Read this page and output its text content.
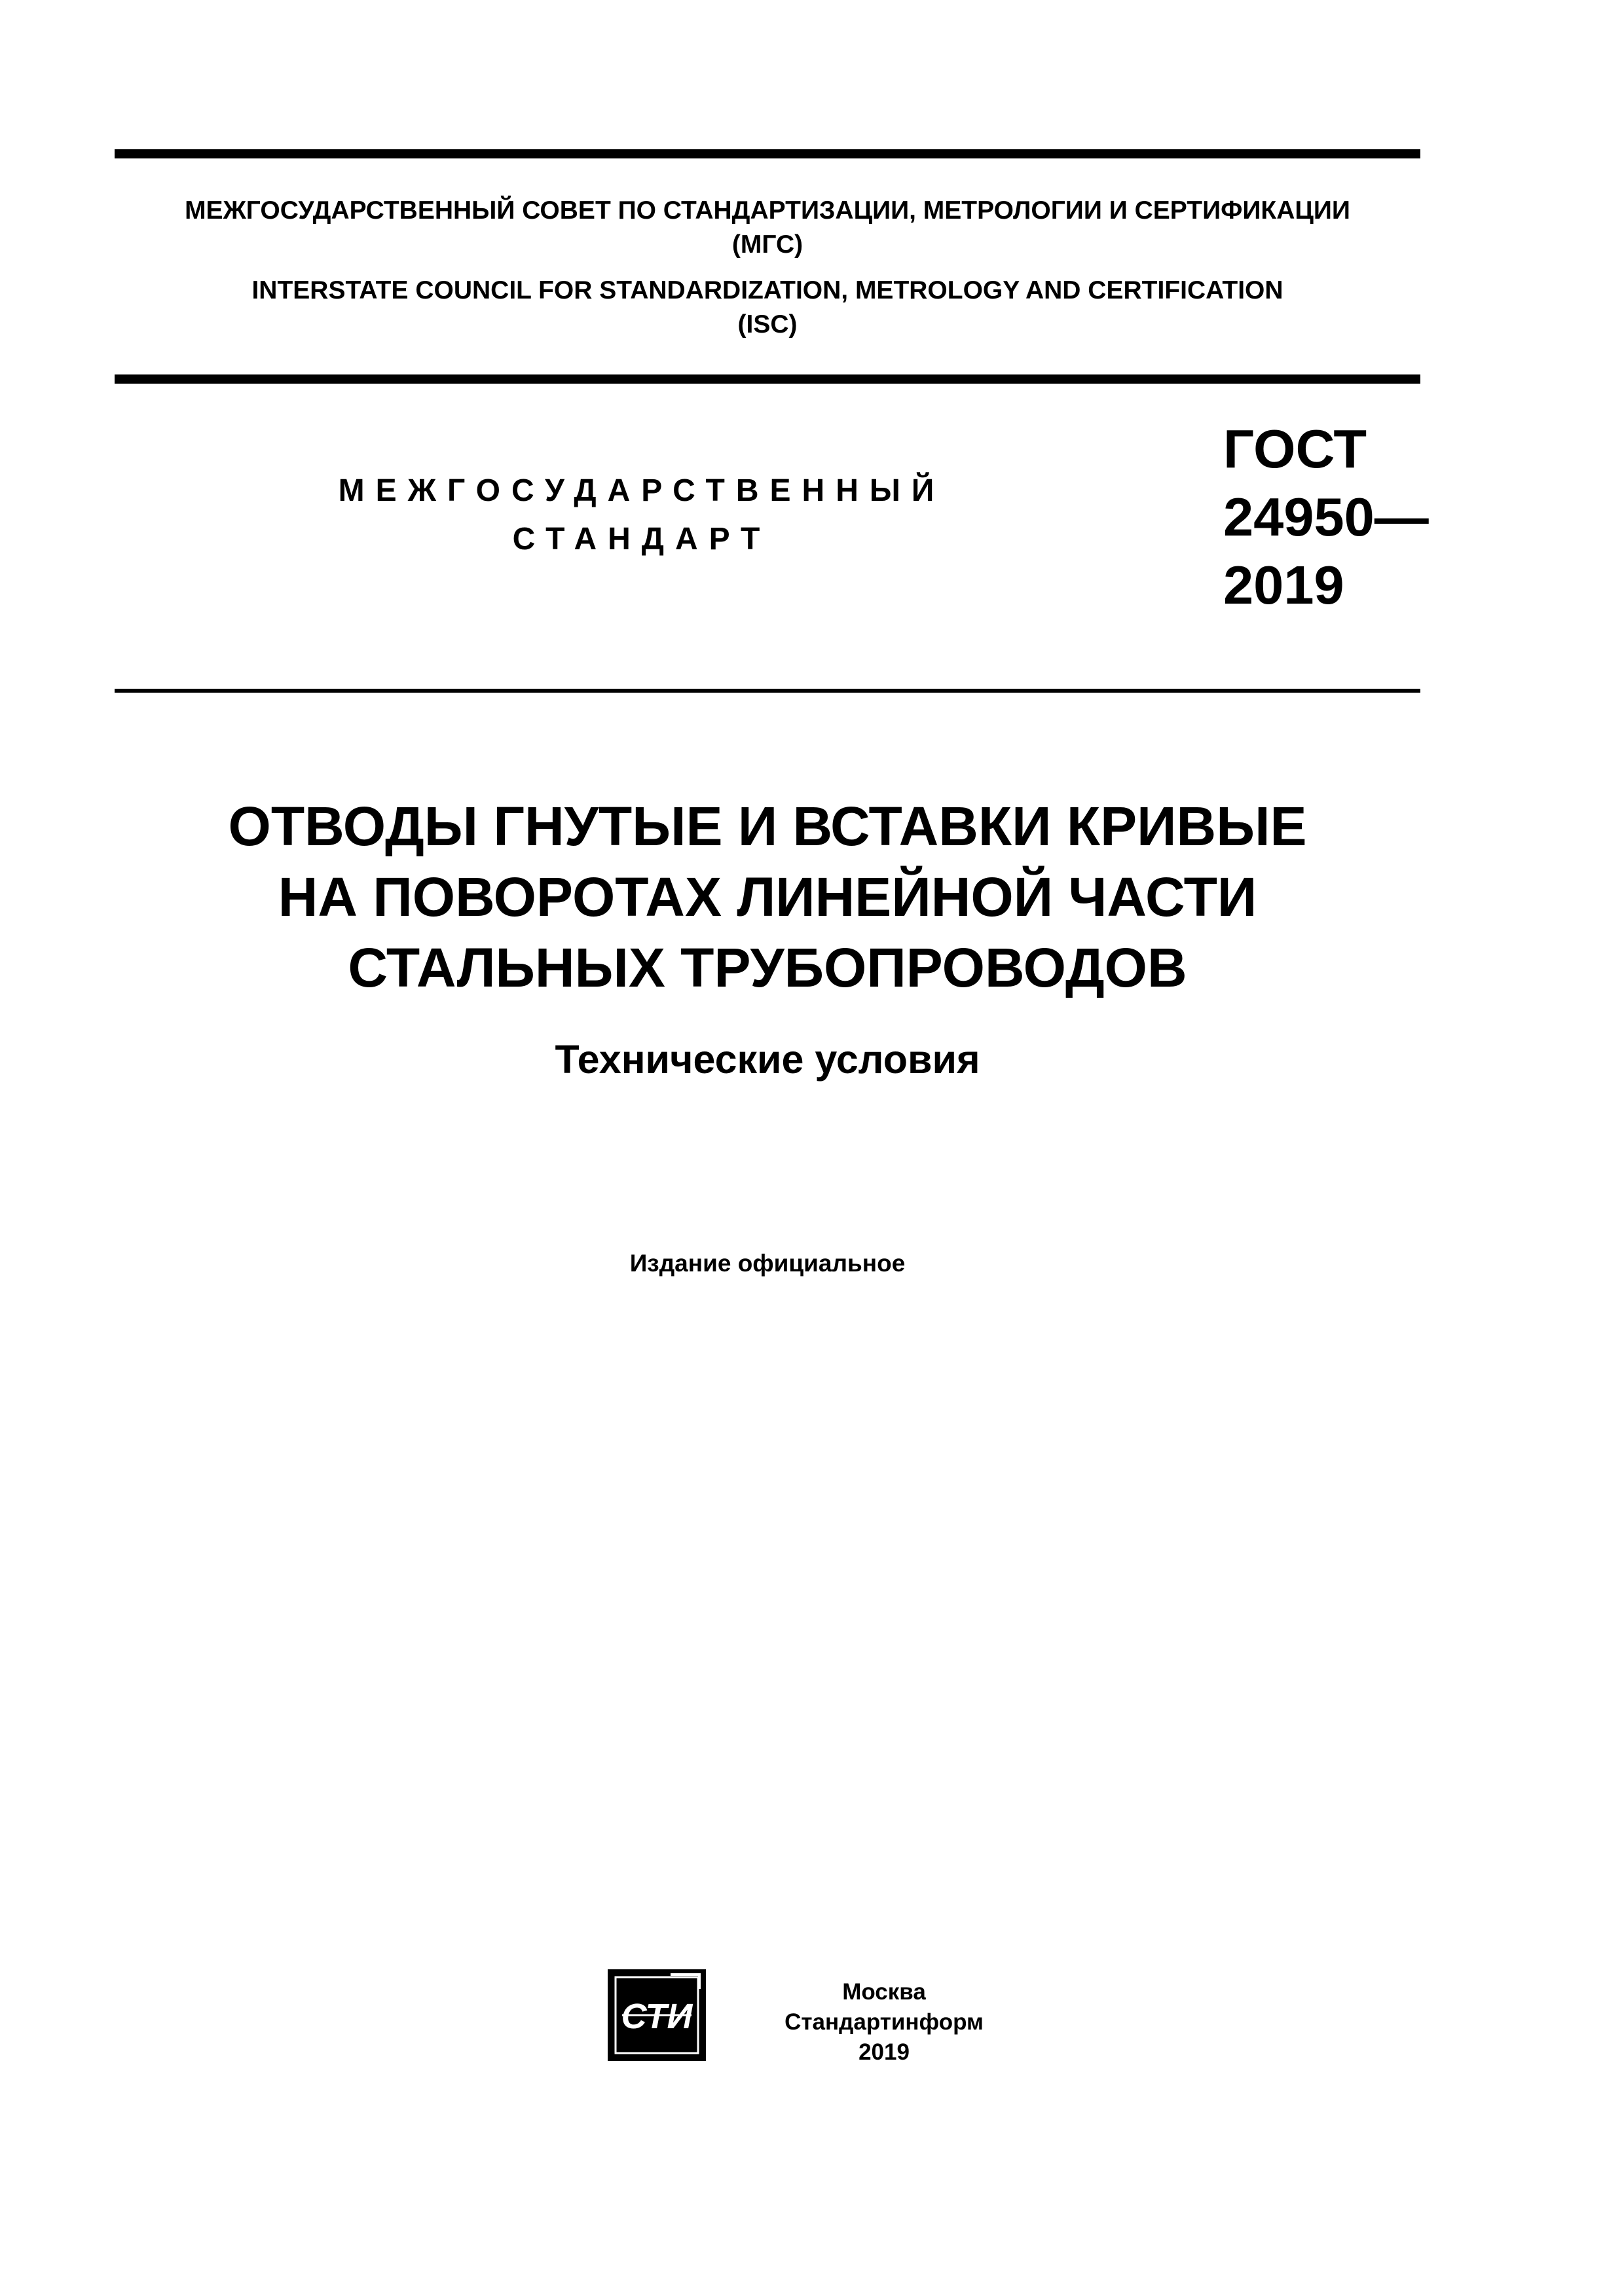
МЕЖГОСУДАРСТВЕННЫЙ СОВЕТ ПО СТАНДАРТИЗАЦИИ, МЕТРОЛОГИИ И СЕРТИФИКАЦИИ
(МГС)
INTERSTATE COUNCIL FOR STANDARDIZATION, METROLOGY AND CERTIFICATION
(ISC)
МЕЖГОСУДАРСТВЕННЫЙ
СТАНДАРТ
ГОСТ
24950—
2019
ОТВОДЫ ГНУТЫЕ И ВСТАВКИ КРИВЫЕ
НА ПОВОРОТАХ ЛИНЕЙНОЙ ЧАСТИ
СТАЛЬНЫХ ТРУБОПРОВОДОВ
Технические условия
Издание официальное
СТИ
Москва
Стандартинформ
2019
